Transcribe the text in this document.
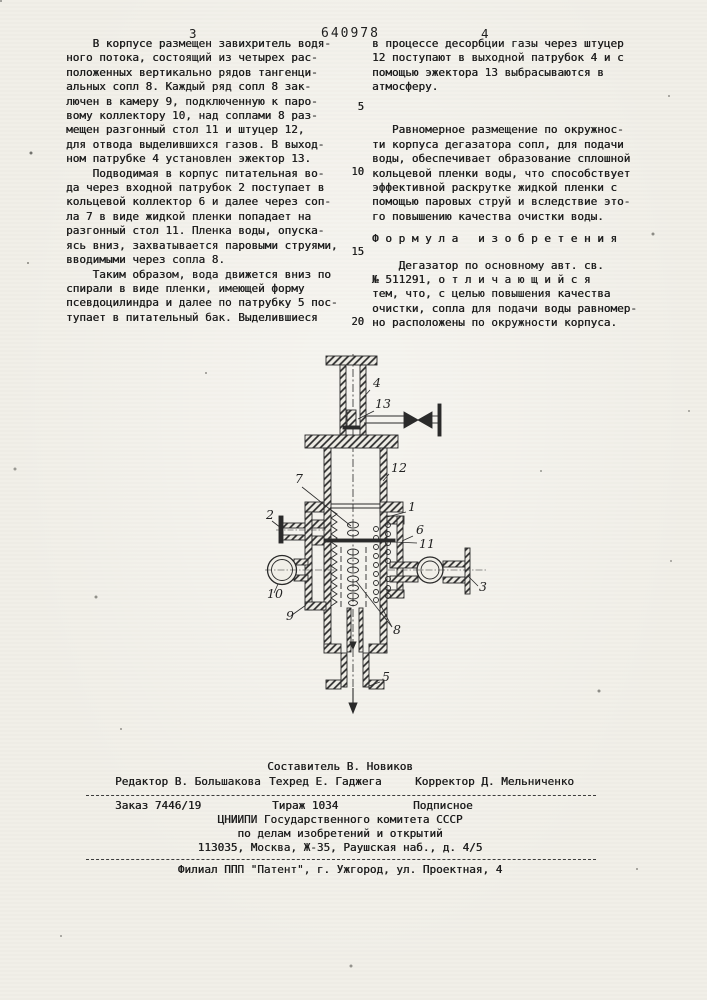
3	640978	4
5
10
15
20
В корпусе размещен завихритель водя-
ного потока, состоящий из четырех рас-
положенных вертикально рядов тангенци-
альных сопл 8. Каждый ряд сопл 8 зак-
лючен в камеру 9, подключенную к паро-
вому коллектору 10, над соплами 8 раз-
мещен разгонный стол 11 и штуцер 12,
для отвода выделившихся газов. В выход-
ном патрубке 4 установлен эжектор 13.
Подводимая в корпус питательная во-
да через входной патрубок 2 поступает в
кольцевой коллектор 6 и далее через соп-
ла 7 в виде жидкой пленки попадает на
разгонный стол 11. Пленка воды, опуска-
ясь вниз, захватывается паровыми струями,
вводимыми через сопла 8.
Таким образом, вода движется вниз по
спирали в виде пленки, имеющей форму
псевдоцилиндра и далее по патрубку 5 пос-
тупает в питательный бак. Выделившиеся
в процессе десорбции газы через штуцер
12 поступают в выходной патрубок 4 и с
помощью эжектора 13 выбрасываются в
атмосферу.
Равномерное размещение по окружнос-
ти корпуса дегазатора сопл, для подачи
воды, обеспечивает образование сплошной
кольцевой пленки воды, что способствует
эффективной раскрутке жидкой пленки с
помощью паровых струй и вследствие это-
го повышению качества очистки воды.
Ф о р м у л а   и з о б р е т е н и я
Дегазатор по основному авт. св.
№ 511291, о т л и ч а ю щ и й с я
тем, что, с целью повышения качества
очистки, сопла для подачи воды равномер-
но расположены по окружности корпуса.
4
13
12
7
1
2
6
11
10	3
9
8
5
Составитель В. Новиков
Редактор В. Большакова Техред Е. Гаджега	Корректор Д. Мельниченко
Заказ 7446/19	Тираж 1034	Подписное
ЦНИИПИ Государственного комитета СССР
по делам изобретений и открытий
113035, Москва, Ж-35, Раушская наб., д. 4/5
Филиал ППП "Патент", г. Ужгород, ул. Проектная, 4
